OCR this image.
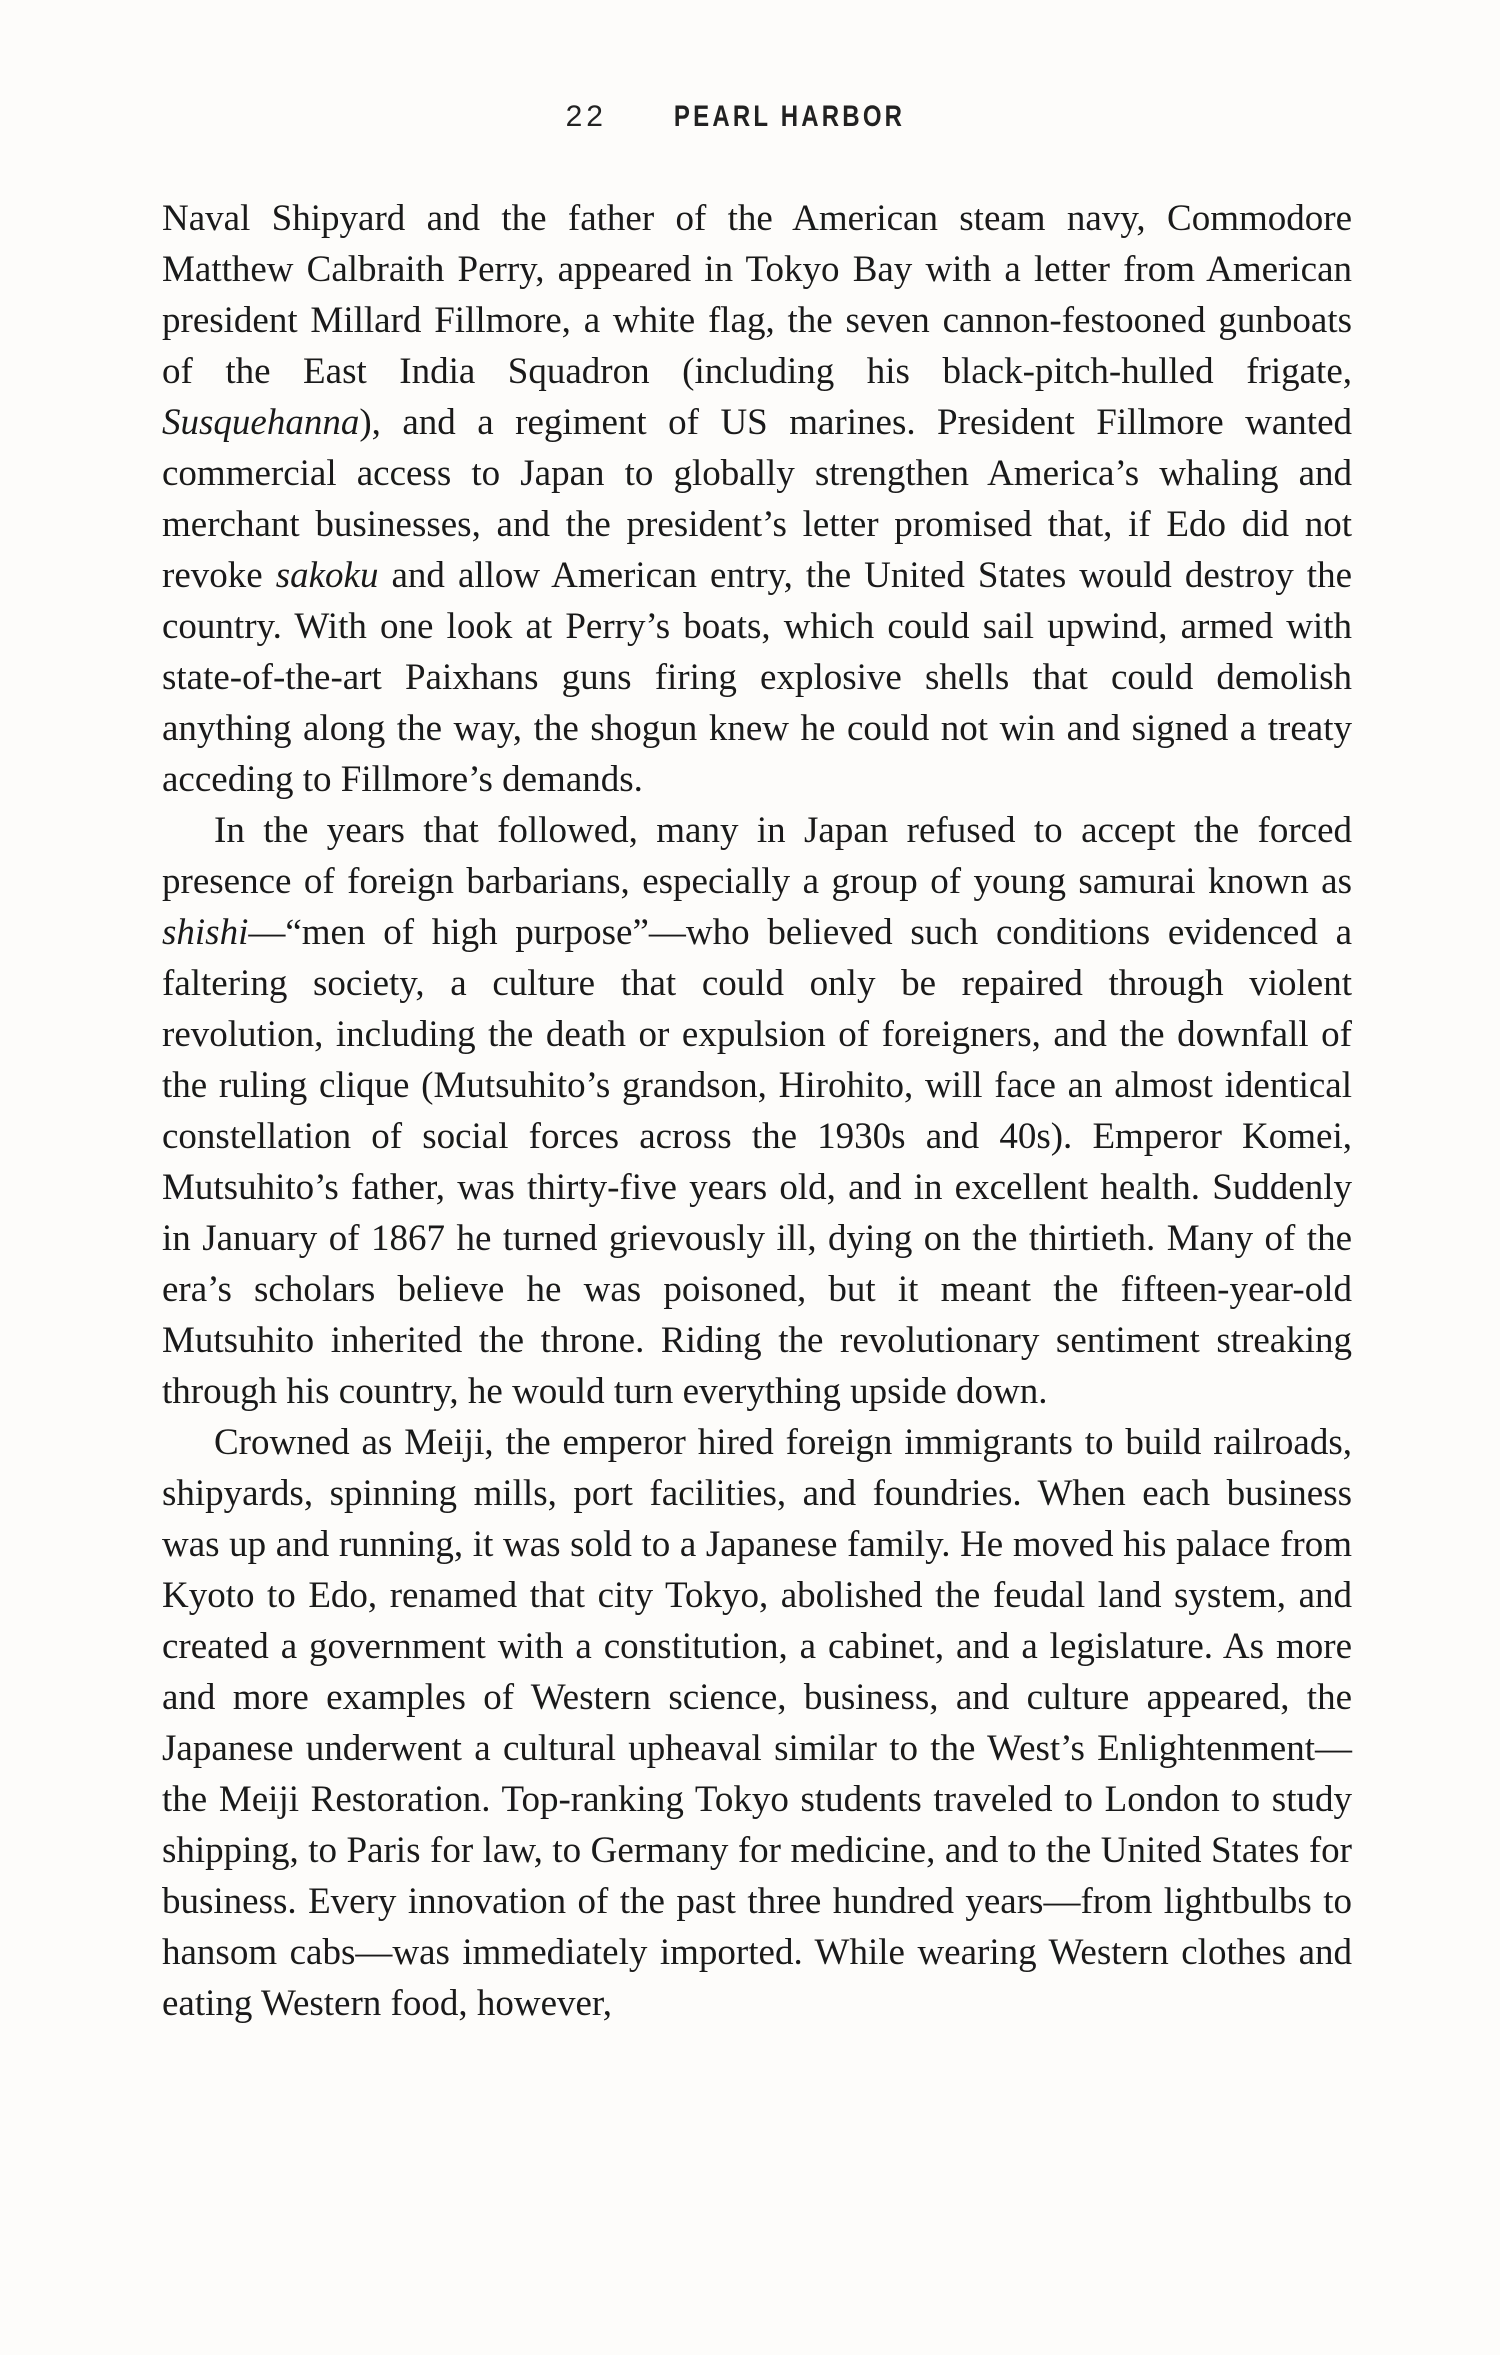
22 PEARL HARBOR

Naval Shipyard and the father of the American steam navy, Commodore Matthew Calbraith Perry, appeared in Tokyo Bay with a letter from American president Millard Fillmore, a white flag, the seven cannon-festooned gunboats of the East India Squadron (including his black-pitch-hulled frigate, Susquehanna), and a regiment of US marines. President Fillmore wanted commercial access to Japan to globally strengthen America’s whaling and merchant businesses, and the president’s letter promised that, if Edo did not revoke sakoku and allow American entry, the United States would destroy the country. With one look at Perry’s boats, which could sail upwind, armed with state-of-the-art Paixhans guns firing explosive shells that could demolish anything along the way, the shogun knew he could not win and signed a treaty acceding to Fillmore’s demands.

In the years that followed, many in Japan refused to accept the forced presence of foreign barbarians, especially a group of young samurai known as shishi—“men of high purpose”—who believed such conditions evidenced a faltering society, a culture that could only be repaired through violent revolution, including the death or expulsion of foreigners, and the downfall of the ruling clique (Mutsuhito’s grandson, Hirohito, will face an almost identical constellation of social forces across the 1930s and 40s). Emperor Komei, Mutsuhito’s father, was thirty-five years old, and in excellent health. Suddenly in January of 1867 he turned grievously ill, dying on the thirtieth. Many of the era’s scholars believe he was poisoned, but it meant the fifteen-year-old Mutsuhito inherited the throne. Riding the revolutionary sentiment streaking through his country, he would turn everything upside down.

Crowned as Meiji, the emperor hired foreign immigrants to build railroads, shipyards, spinning mills, port facilities, and foundries. When each business was up and running, it was sold to a Japanese family. He moved his palace from Kyoto to Edo, renamed that city Tokyo, abolished the feudal land system, and created a government with a constitution, a cabinet, and a legislature. As more and more examples of Western science, business, and culture appeared, the Japanese underwent a cultural upheaval similar to the West’s Enlightenment—the Meiji Restoration. Top-ranking Tokyo students traveled to London to study shipping, to Paris for law, to Germany for medicine, and to the United States for business. Every innovation of the past three hundred years—from lightbulbs to hansom cabs—was immediately imported. While wearing Western clothes and eating Western food, however,
